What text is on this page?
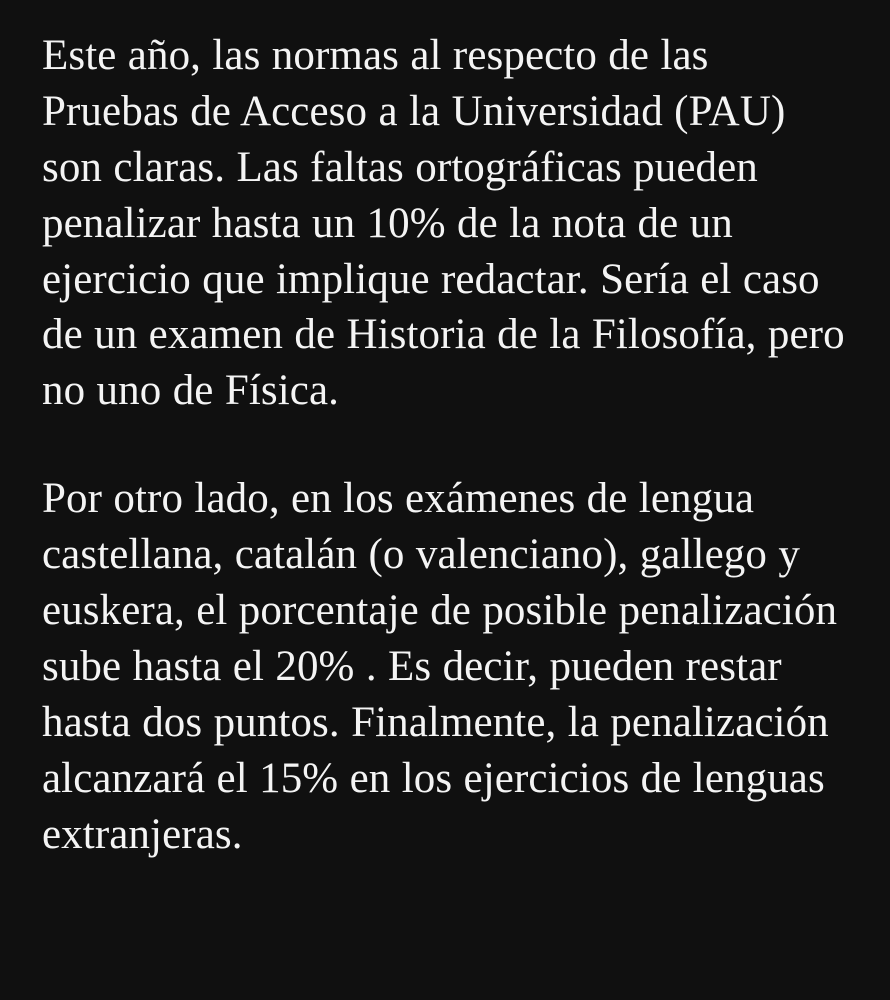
Este año, las normas al respecto de las Pruebas de Acceso a la Universidad (PAU) son claras. Las faltas ortográficas pueden penalizar hasta un 10% de la nota de un ejercicio que implique redactar. Sería el caso de un examen de Historia de la Filosofía, pero no uno de Física.

Por otro lado, en los exámenes de lengua castellana, catalán (o valenciano), gallego y euskera, el porcentaje de posible penalización sube hasta el 20% . Es decir, pueden restar hasta dos puntos. Finalmente, la penalización alcanzará el 15% en los ejercicios de lenguas extranjeras.
